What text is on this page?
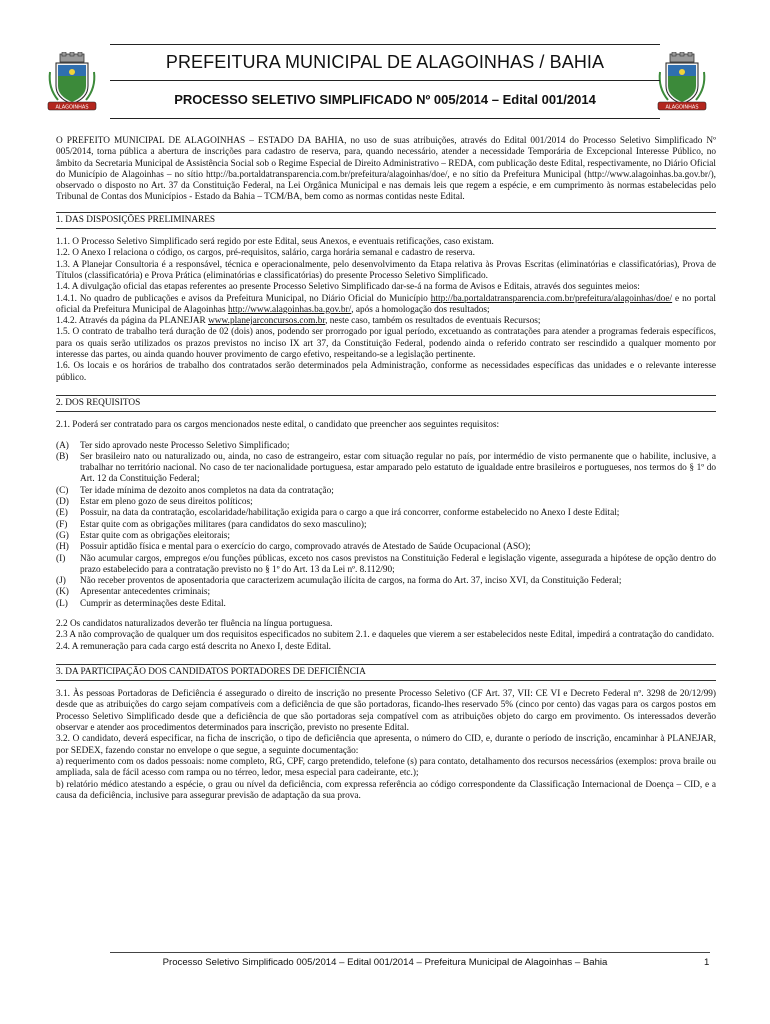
ALAGOINHAS	ALAGOINHAS
PREFEITURA MUNICIPAL DE ALAGOINHAS / BAHIA
PROCESSO SELETIVO SIMPLIFICADO Nº 005/2014 – Edital 001/2014

O PREFEITO MUNICIPAL DE ALAGOINHAS – ESTADO DA BAHIA, no uso de suas atribuições, através do Edital 001/2014 do Processo Seletivo Simplificado Nº 005/2014, torna pública a abertura de inscrições para cadastro de reserva, para, quando necessário, atender a necessidade Temporária de Excepcional Interesse Público, no âmbito da Secretaria Municipal de Assistência Social sob o Regime Especial de Direito Administrativo – REDA, com publicação deste Edital, respectivamente, no Diário Oficial do Município de Alagoinhas – no sítio http://ba.portaldatransparencia.com.br/prefeitura/alagoinhas/doe/, e no sítio da Prefeitura Municipal (http://www.alagoinhas.ba.gov.br/), observado o disposto no Art. 37 da Constituição Federal, na Lei Orgânica Municipal e nas demais leis que regem a espécie, e em cumprimento às normas estabelecidas pelo Tribunal de Contas dos Municípios - Estado da Bahia – TCM/BA, bem como as normas contidas neste Edital.

1. DAS DISPOSIÇÕES PRELIMINARES

1.1. O Processo Seletivo Simplificado será regido por este Edital, seus Anexos, e eventuais retificações, caso existam.

1.2. O Anexo I relaciona o código, os cargos, pré-requisitos, salário, carga horária semanal e cadastro de reserva.

1.3. A Planejar Consultoria é a responsável, técnica e operacionalmente, pelo desenvolvimento da Etapa relativa às Provas Escritas (eliminatórias e classificatórias), Prova de Títulos (classificatória) e Prova Prática (eliminatórias e classificatórias) do presente Processo Seletivo Simplificado.

1.4. A divulgação oficial das etapas referentes ao presente Processo Seletivo Simplificado dar-se-á na forma de Avisos e Editais, através dos seguintes meios:

1.4.1. No quadro de publicações e avisos da Prefeitura Municipal, no Diário Oficial do Município http://ba.portaldatransparencia.com.br/prefeitura/alagoinhas/doe/ e no portal oficial da Prefeitura Municipal de Alagoinhas http://www.alagoinhas.ba.gov.br/, após a homologação dos resultados;

1.4.2. Através da página da PLANEJAR www.planejarconcursos.com.br, neste caso, também os resultados de eventuais Recursos;

1.5. O contrato de trabalho terá duração de 02 (dois) anos, podendo ser prorrogado por igual período, excetuando as contratações para atender a programas federais específicos, para os quais serão utilizados os prazos previstos no inciso IX art 37, da Constituição Federal, podendo ainda o referido contrato ser rescindido a qualquer momento por interesse das partes, ou ainda quando houver provimento de cargo efetivo, respeitando-se a legislação pertinente.

1.6. Os locais e os horários de trabalho dos contratados serão determinados pela Administração, conforme as necessidades específicas das unidades e o relevante interesse público.

2. DOS REQUISITOS

2.1. Poderá ser contratado para os cargos mencionados neste edital, o candidato que preencher aos seguintes requisitos:

(A)	Ter sido aprovado neste Processo Seletivo Simplificado;
(B)	Ser brasileiro nato ou naturalizado ou, ainda, no caso de estrangeiro, estar com situação regular no país, por intermédio de visto permanente que o habilite, inclusive, a trabalhar no território nacional. No caso de ter nacionalidade portuguesa, estar amparado pelo estatuto de igualdade entre brasileiros e portugueses, nos termos do § 1º do Art. 12 da Constituição Federal;
(C)	Ter idade mínima de dezoito anos completos na data da contratação;
(D)	Estar em pleno gozo de seus direitos políticos;
(E)	Possuir, na data da contratação, escolaridade/habilitação exigida para o cargo a que irá concorrer, conforme estabelecido no Anexo I deste Edital;
(F)	Estar quite com as obrigações militares (para candidatos do sexo masculino);
(G)	Estar quite com as obrigações eleitorais;
(H)	Possuir aptidão física e mental para o exercício do cargo, comprovado através de Atestado de Saúde Ocupacional (ASO);
(I)	Não acumular cargos, empregos e/ou funções públicas, exceto nos casos previstos na Constituição Federal e legislação vigente, assegurada a hipótese de opção dentro do prazo estabelecido para a contratação previsto no § 1º do Art. 13 da Lei nº. 8.112/90;
(J)	Não receber proventos de aposentadoria que caracterizem acumulação ilícita de cargos, na forma do Art. 37, inciso XVI, da Constituição Federal;
(K)	Apresentar antecedentes criminais;
(L)	Cumprir as determinações deste Edital.

2.2 Os candidatos naturalizados deverão ter fluência na língua portuguesa.

2.3 A não comprovação de qualquer um dos requisitos especificados no subitem 2.1. e daqueles que vierem a ser estabelecidos neste Edital, impedirá a contratação do candidato.

2.4. A remuneração para cada cargo está descrita no Anexo I, deste Edital.

3. DA PARTICIPAÇÃO DOS CANDIDATOS PORTADORES DE DEFICIÊNCIA

3.1. Às pessoas Portadoras de Deficiência é assegurado o direito de inscrição no presente Processo Seletivo (CF Art. 37, VII: CE VI e Decreto Federal nº. 3298 de 20/12/99) desde que as atribuições do cargo sejam compatíveis com a deficiência de que são portadoras, ficando-lhes reservado 5% (cinco por cento) das vagas para os cargos postos em Processo Seletivo Simplificado desde que a deficiência de que são portadoras seja compatível com as atribuições objeto do cargo em provimento. Os interessados deverão observar e atender aos procedimentos determinados para inscrição, previsto no presente Edital.

3.2. O candidato, deverá especificar, na ficha de inscrição, o tipo de deficiência que apresenta, o número do CID, e, durante o período de inscrição, encaminhar à PLANEJAR, por SEDEX, fazendo constar no envelope o que segue, a seguinte documentação:

a) requerimento com os dados pessoais: nome completo, RG, CPF, cargo pretendido, telefone (s) para contato, detalhamento dos recursos necessários (exemplos: prova braile ou ampliada, sala de fácil acesso com rampa ou no térreo, ledor, mesa especial para cadeirante, etc.);

b) relatório médico atestando a espécie, o grau ou nível da deficiência, com expressa referência ao código correspondente da Classificação Internacional de Doença – CID, e a causa da deficiência, inclusive para assegurar previsão de adaptação da sua prova.

Processo Seletivo Simplificado 005/2014 – Edital 001/2014 – Prefeitura Municipal de Alagoinhas – Bahia	1
